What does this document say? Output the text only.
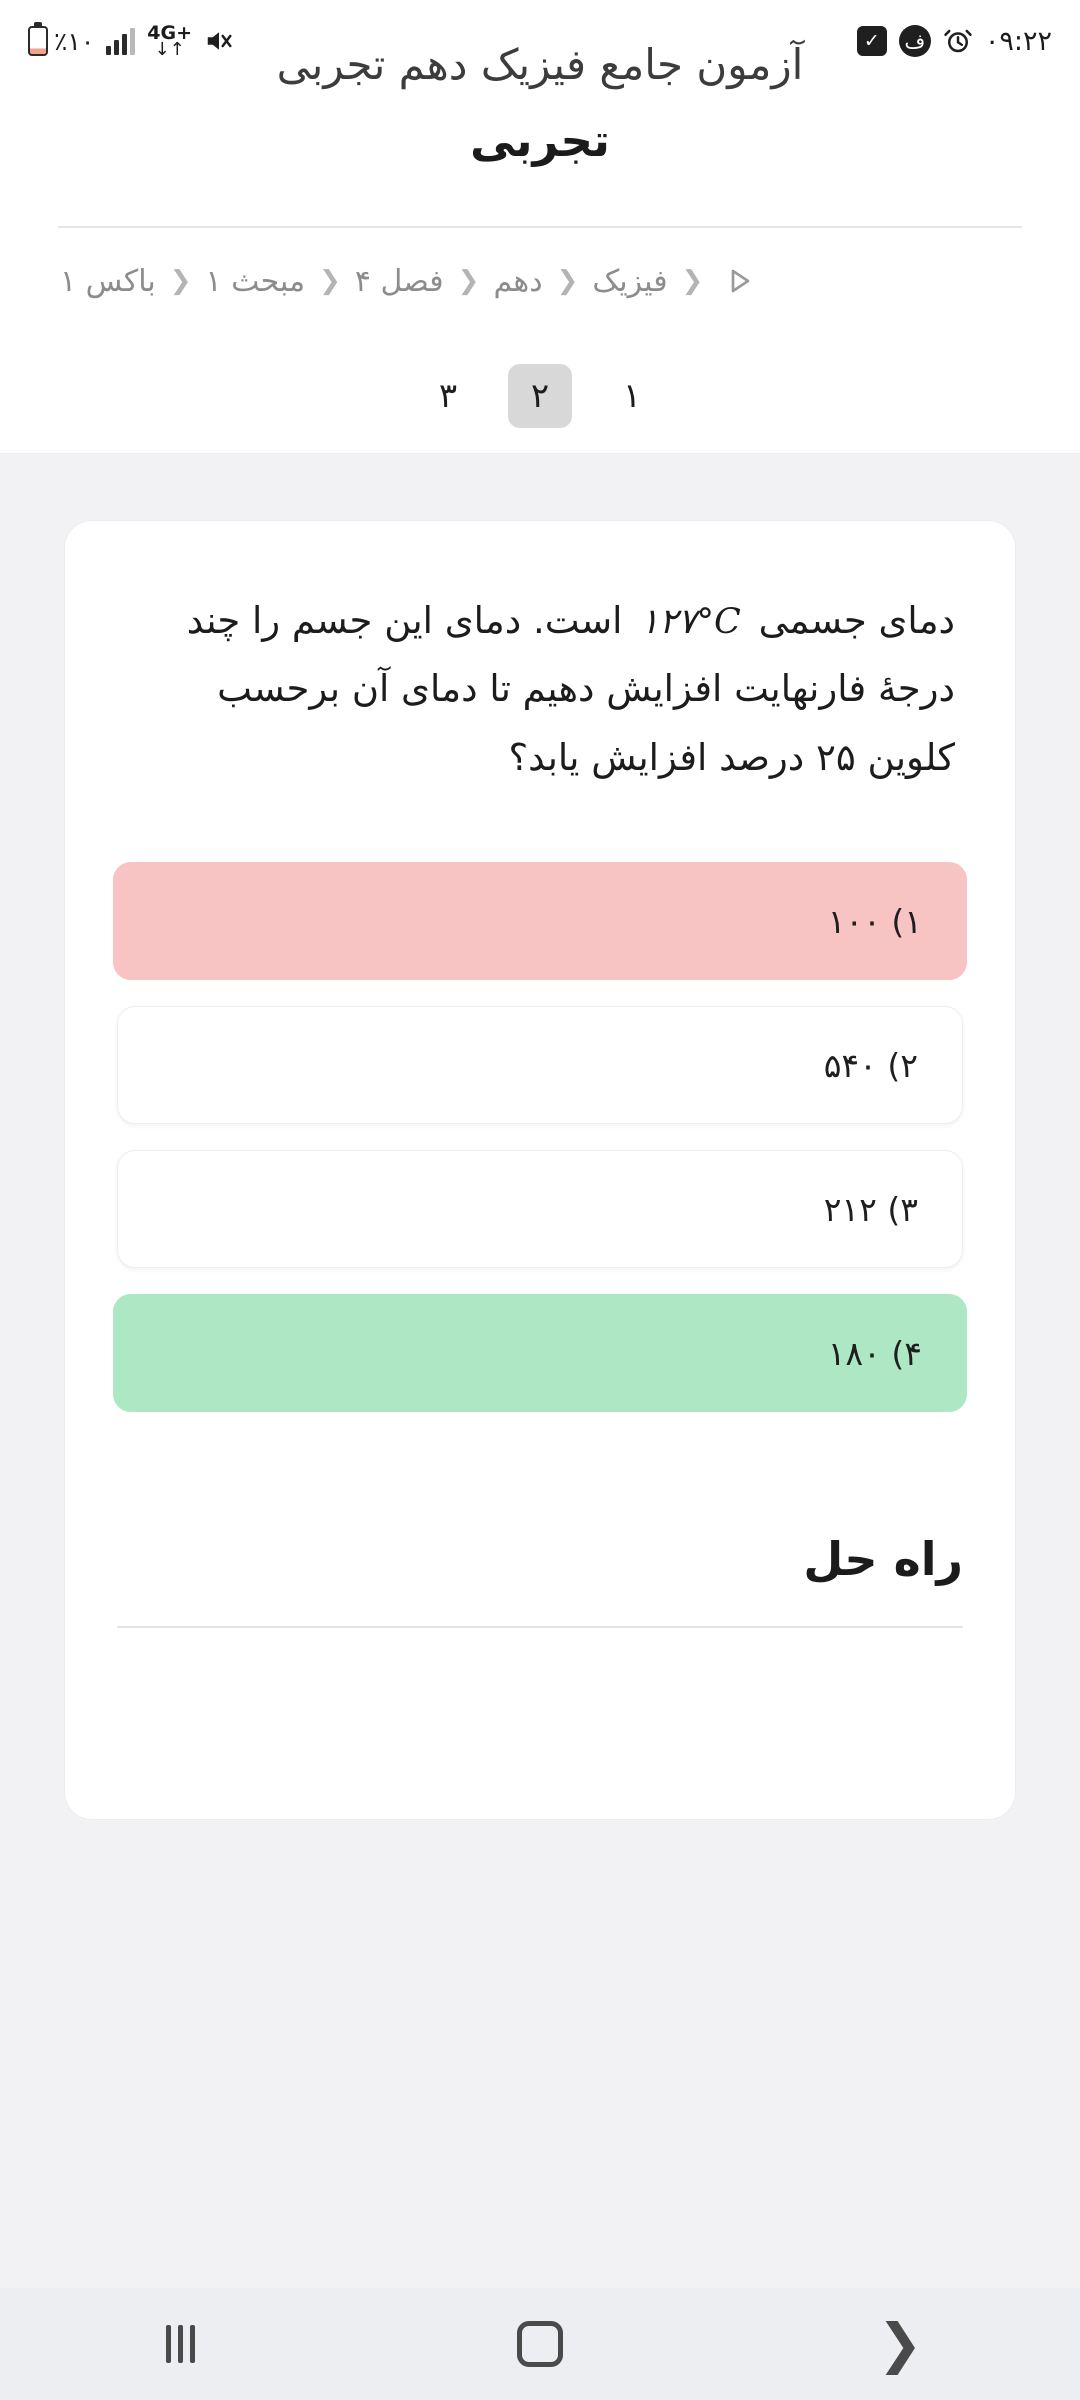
٪۱۰	4G+
↓↑	✓	ف ۰۹:۲۲
آزمون جامع فیزیک دهم تجربی
تجربی
❮
فیزیک
❮
دهم
❮
فصل ۴
❮
مبحث ۱
❮
باکس ۱
۱
۲
۳
دمای جسمی ۱۲۷°C است. دمای این جسم را چند درجهٔ فارنهایت افزایش دهیم تا دمای آن برحسب کلوین ۲۵ درصد افزایش یابد؟
۱) ۱۰۰
۲) ۵۴۰
۳) ۲۱۲
۴) ۱۸۰
راه حل
❯
